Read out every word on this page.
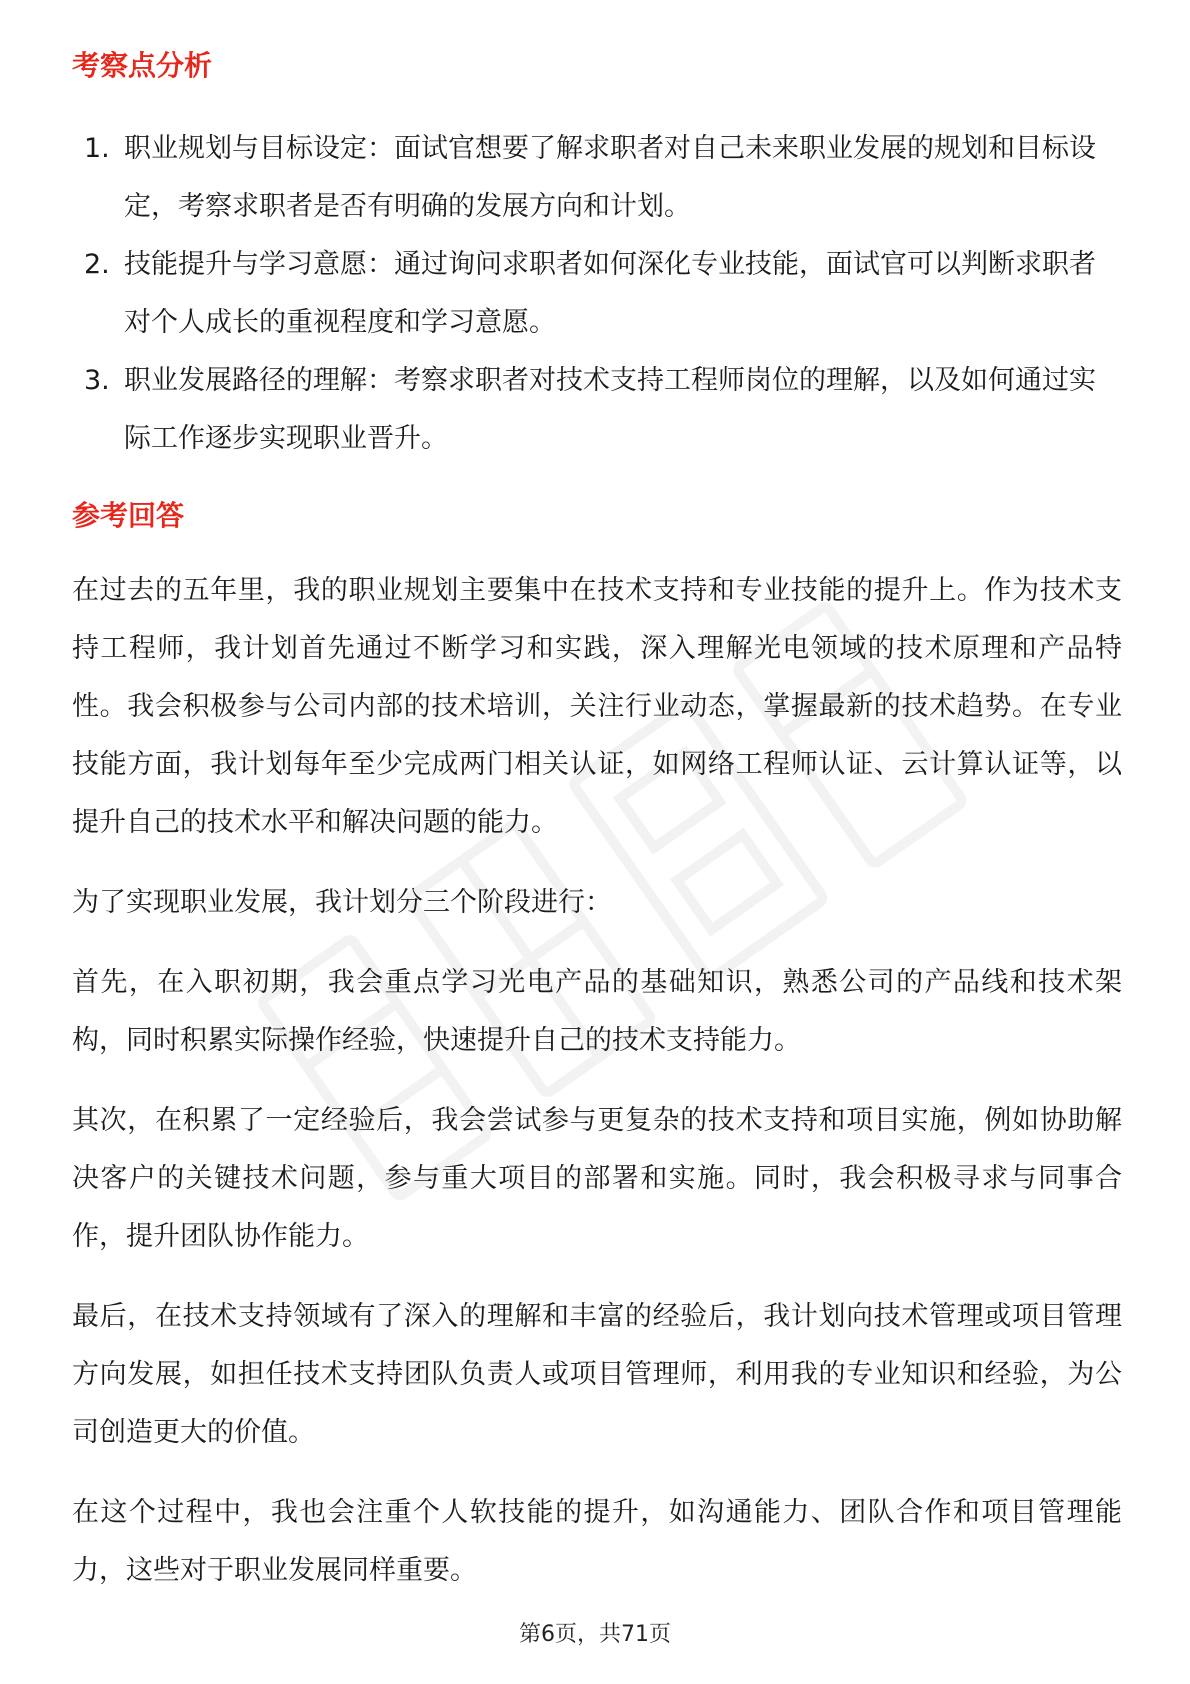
考察点分析
1. 职业规划与目标设定：面试官想要了解求职者对自己未来职业发展的规划和目标设定，考察求职者是否有明确的发展方向和计划。
2. 技能提升与学习意愿：通过询问求职者如何深化专业技能，面试官可以判断求职者对个人成长的重视程度和学习意愿。
3. 职业发展路径的理解：考察求职者对技术支持工程师岗位的理解，以及如何通过实际工作逐步实现职业晋升。
参考回答

在过去的五年里，我的职业规划主要集中在技术支持和专业技能的提升上。作为技术支持工程师，我计划首先通过不断学习和实践，深入理解光电领域的技术原理和产品特性。我会积极参与公司内部的技术培训，关注行业动态，掌握最新的技术趋势。在专业技能方面，我计划每年至少完成两门相关认证，如网络工程师认证、云计算认证等，以提升自己的技术水平和解决问题的能力。

为了实现职业发展，我计划分三个阶段进行：

首先，在入职初期，我会重点学习光电产品的基础知识，熟悉公司的产品线和技术架构，同时积累实际操作经验，快速提升自己的技术支持能力。

其次，在积累了一定经验后，我会尝试参与更复杂的技术支持和项目实施，例如协助解决客户的关键技术问题，参与重大项目的部署和实施。同时，我会积极寻求与同事合作，提升团队协作能力。

最后，在技术支持领域有了深入的理解和丰富的经验后，我计划向技术管理或项目管理方向发展，如担任技术支持团队负责人或项目管理师，利用我的专业知识和经验，为公司创造更大的价值。

在这个过程中，我也会注重个人软技能的提升，如沟通能力、团队合作和项目管理能力，这些对于职业发展同样重要。

第6页，共71页
